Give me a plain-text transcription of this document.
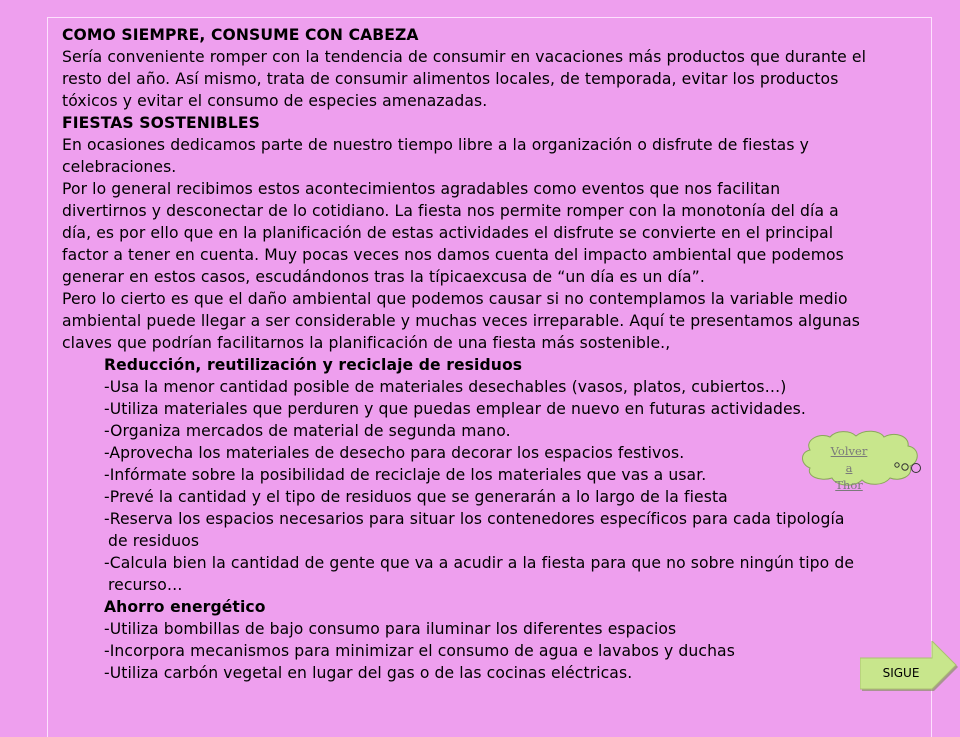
COMO SIEMPRE, CONSUME CON CABEZA

Sería conveniente romper con la tendencia de consumir en vacaciones más productos que durante el

resto del año. Así mismo, trata de consumir alimentos locales, de temporada, evitar los productos

tóxicos y evitar el consumo de especies amenazadas.

FIESTAS SOSTENIBLES

En ocasiones dedicamos parte de nuestro tiempo libre a la organización o disfrute de fiestas y

celebraciones.

Por lo general recibimos estos acontecimientos agradables como eventos que nos facilitan

divertirnos y desconectar de lo cotidiano. La fiesta nos permite romper con la monotonía del día a

día, es por ello que en la planificación de estas actividades el disfrute se convierte en el principal

factor a tener en cuenta. Muy pocas veces nos damos cuenta del impacto ambiental que podemos

generar en estos casos, escudándonos tras la típicaexcusa de “un día es un día”.

Pero lo cierto es que el daño ambiental que podemos causar si no contemplamos la variable medio

ambiental puede llegar a ser considerable y muchas veces irreparable. Aquí te presentamos algunas

claves que podrían facilitarnos la planificación de una fiesta más sostenible.,

Reducción, reutilización y reciclaje de residuos

-Usa la menor cantidad posible de materiales desechables (vasos, platos, cubiertos…)

-Utiliza materiales que perduren y que puedas emplear de nuevo en futuras actividades.

-Organiza mercados de material de segunda mano.

-Aprovecha los materiales de desecho para decorar los espacios festivos.

-Infórmate sobre la posibilidad de reciclaje de los materiales que vas a usar.

-Prevé la cantidad y el tipo de residuos que se generarán a lo largo de la fiesta

-Reserva los espacios necesarios para situar los contenedores específicos para cada tipología

de residuos

-Calcula bien la cantidad de gente que va a acudir a la fiesta para que no sobre ningún tipo de

recurso…

Ahorro energético

-Utiliza bombillas de bajo consumo para iluminar los diferentes espacios

-Incorpora mecanismos para minimizar el consumo de agua e lavabos y duchas

-Utiliza carbón vegetal en lugar del gas o de las cocinas eléctricas.

Volver a
Thor
SIGUE
